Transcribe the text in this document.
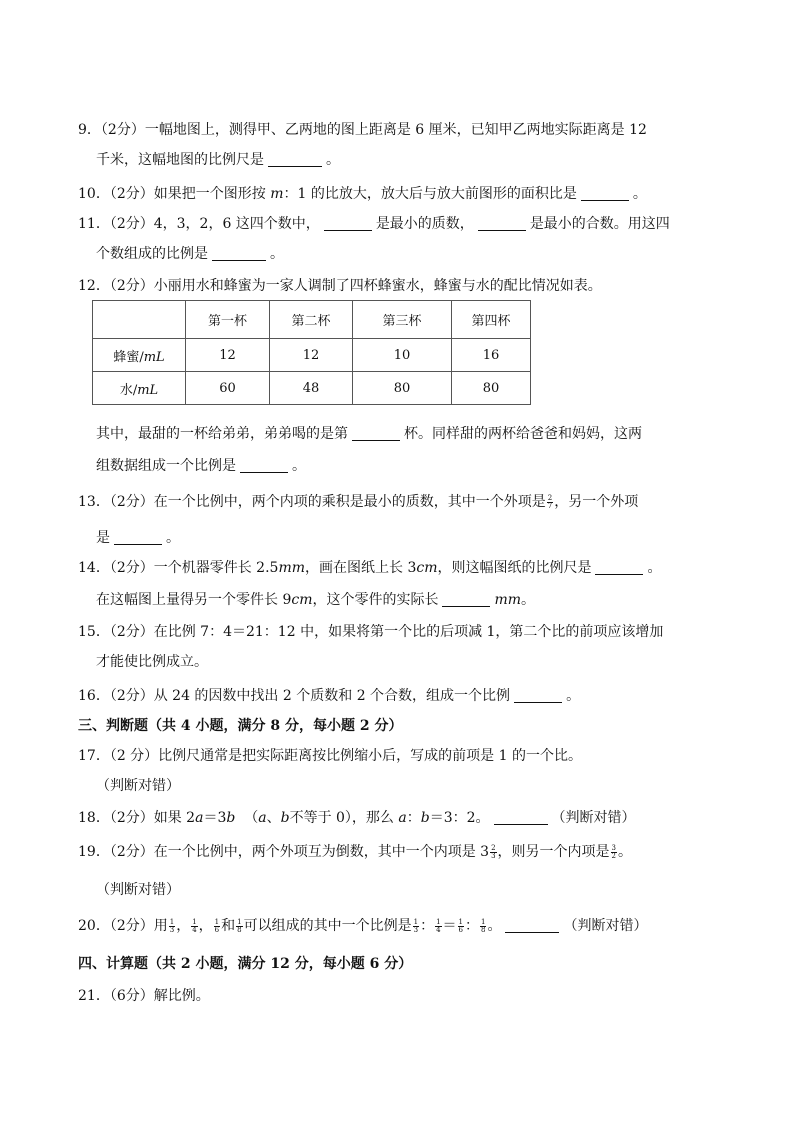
9．（2分）一幅地图上，测得甲、乙两地的图上距离是 6 厘米，已知甲乙两地实际距离是 12
千米，这幅地图的比例尺是	。
10．（2分）如果把一个图形按 m：1 的比放大，放大后与放大前图形的面积比是	。
11．（2分）4，3，2，6 这四个数中，	是最小的质数，	是最小的合数。用这四
个数组成的比例是	。
12．（2分）小丽用水和蜂蜜为一家人调制了四杯蜂蜜水，蜂蜜与水的配比情况如表。
	第一杯	第二杯	第三杯	第四杯
蜂蜜/mL	12	12	10	16
水/mL	60	48	80	80
其中，最甜的一杯给弟弟，弟弟喝的是第	杯。同样甜的两杯给爸爸和妈妈，这两
组数据组成一个比例是	。
13．（2分）在一个比例中，两个内项的乘积是最小的质数，其中一个外项是 $\frac{2}{7}$ ，另一个外项
是	。
14．（2分）一个机器零件长 2.5mm，画在图纸上长 3cm，则这幅图纸的比例尺是	。
在这幅图上量得另一个零件长 9cm，这个零件的实际长	mm。
15．（2分）在比例 7：4＝21：12 中，如果将第一个比的后项减 1，第二个比的前项应该增加
才能使比例成立。
16．（2分）从 24 的因数中找出 2 个质数和 2 个合数，组成一个比例	。
三、判断题（共 4 小题，满分 8 分，每小题 2 分）
17．（2 分）比例尺通常是把实际距离按比例缩小后，写成的前项是 1 的一个比。
（判断对错）
18．（2分）如果 2a＝3b （a、b不等于 0），那么 a：b＝3：2。	（判断对错）
19．（2分）在一个比例中，两个外项互为倒数，其中一个内项是 $3 \frac{2}{3}$ ，则另一个内项是 $\frac{3}{2}$ 。
（判断对错）
20．（2分）用 $\frac{1}{3}$ ， $\frac{1}{4}$ ， $\frac{1}{6}$ 和 $\frac{1}{8}$ 可以组成的其中一个比例是 $\frac{1}{3}$ ： $\frac{1}{4} = \frac{1}{6}$ ： $\frac{1}{8}$ 。	（判断对错）
四、计算题（共 2 小题，满分 12 分，每小题 6 分）
21．（6分）解比例。
